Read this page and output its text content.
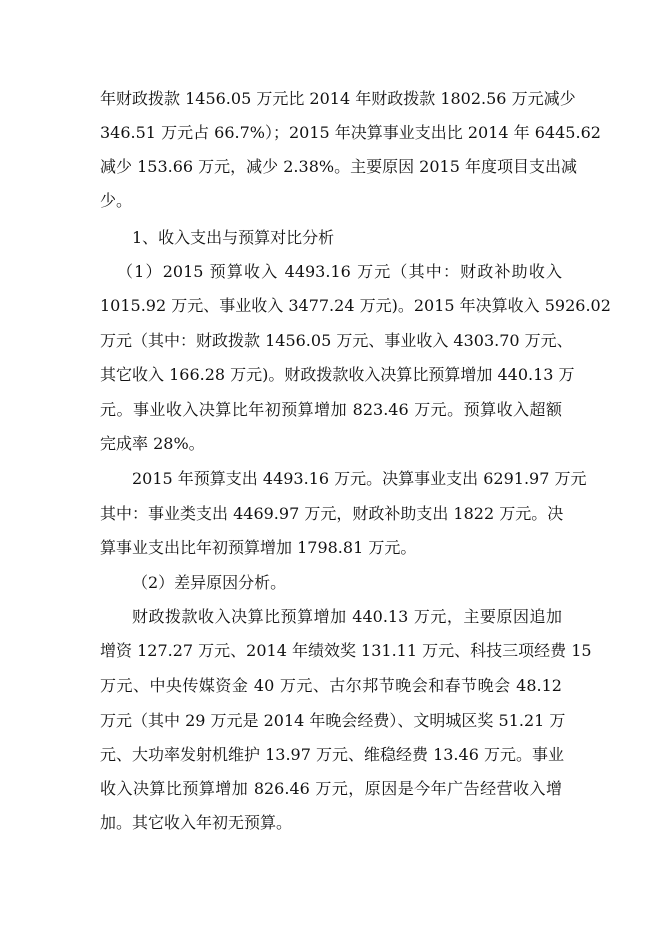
年财政拨款 1456.05 万元比 2014 年财政拨款 1802.56 万元减少
346.51 万元占 66.7%）；2015 年决算事业支出比 2014 年 6445.62
减少 153.66 万元，减少 2.38%。主要原因 2015 年度项目支出减
少。
1、收入支出与预算对比分析
（1）2015 预算收入 4493.16 万元（其中：财政补助收入
1015.92 万元、事业收入 3477.24 万元)。2015 年决算收入 5926.02
万元（其中：财政拨款 1456.05 万元、事业收入 4303.70 万元、
其它收入 166.28 万元)。财政拨款收入决算比预算增加 440.13 万
元。事业收入决算比年初预算增加 823.46 万元。预算收入超额
完成率 28%。
2015 年预算支出 4493.16 万元。决算事业支出 6291.97 万元
其中：事业类支出 4469.97 万元，财政补助支出 1822 万元。决
算事业支出比年初预算增加 1798.81 万元。
（2）差异原因分析。
财政拨款收入决算比预算增加 440.13 万元，主要原因追加
增资 127.27 万元、2014 年绩效奖 131.11 万元、科技三项经费 15
万元、中央传媒资金 40 万元、古尔邦节晚会和春节晚会 48.12
万元（其中 29 万元是 2014 年晚会经费）、文明城区奖 51.21 万
元、大功率发射机维护 13.97 万元、维稳经费 13.46 万元。事业
收入决算比预算增加 826.46 万元，原因是今年广告经营收入增
加。其它收入年初无预算。
